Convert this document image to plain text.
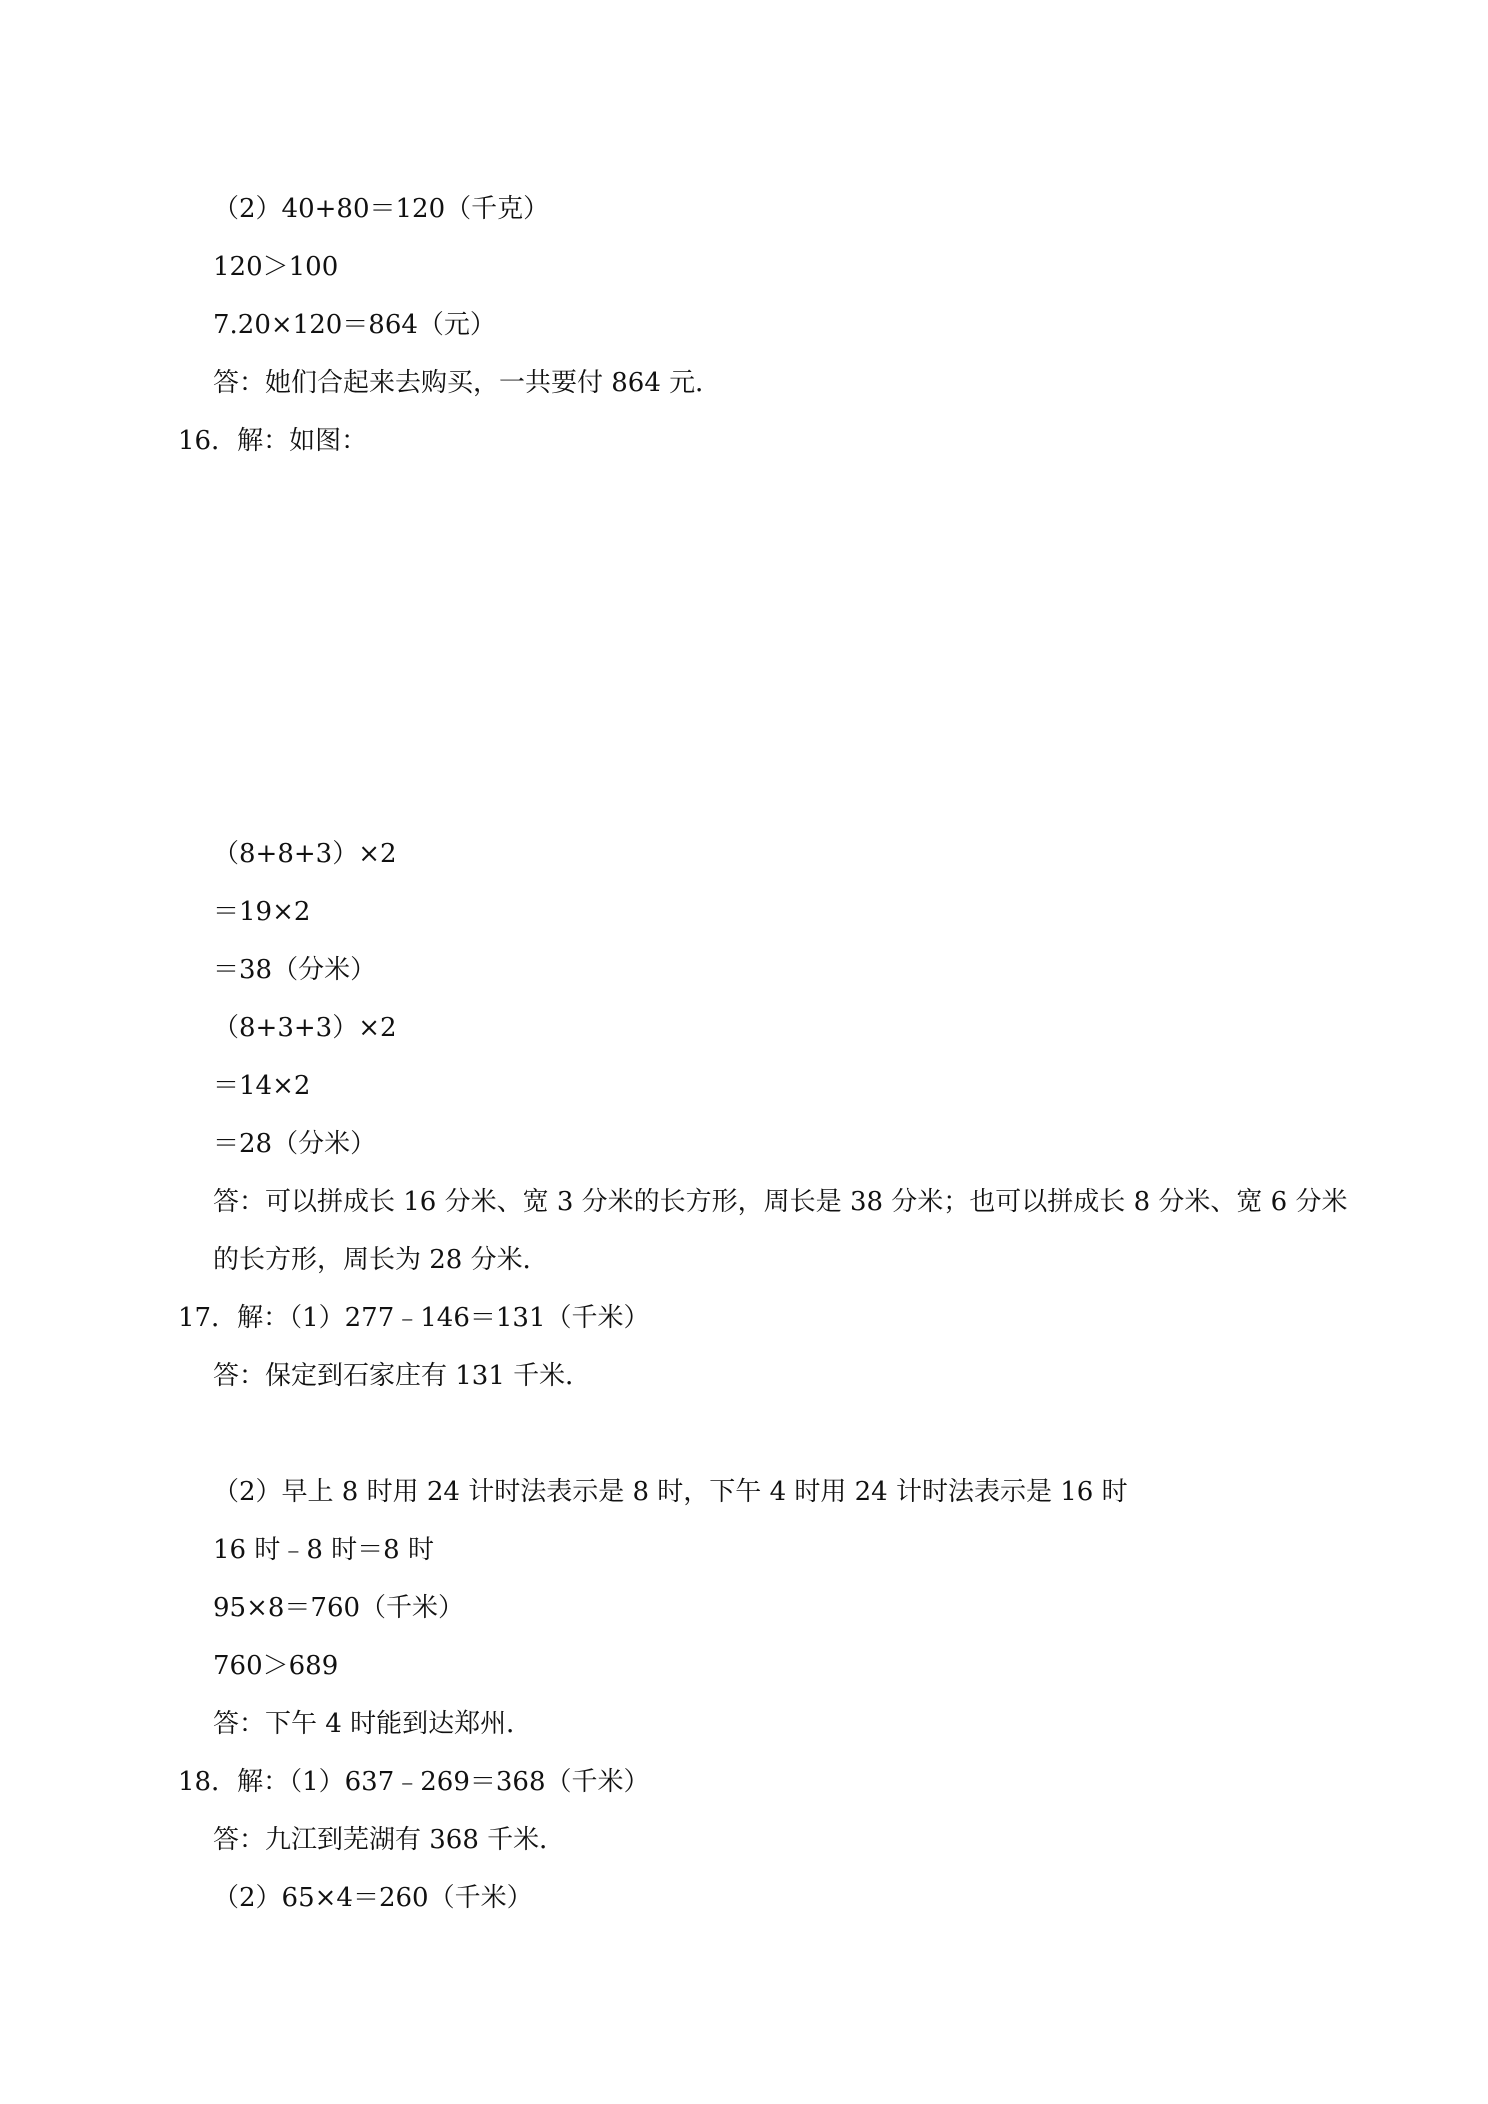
（2）40+80＝120（千克）
120＞100
7.20×120＝864（元）
答：她们合起来去购买，一共要付 864 元．
16．解：如图：
（8+8+3）×2
＝19×2
＝38（分米）
（8+3+3）×2
＝14×2
＝28（分米）
答：可以拼成长 16 分米、宽 3 分米的长方形，周长是 38 分米；也可以拼成长 8 分米、宽 6 分米
的长方形，周长为 28 分米．
17．解：（1）277﹣146＝131（千米）
答：保定到石家庄有 131 千米．
（2）早上 8 时用 24 计时法表示是 8 时，下午 4 时用 24 计时法表示是 16 时
16 时﹣8 时＝8 时
95×8＝760（千米）
760＞689
答：下午 4 时能到达郑州．
18．解：（1）637﹣269＝368（千米）
答：九江到芜湖有 368 千米．
（2）65×4＝260（千米）
